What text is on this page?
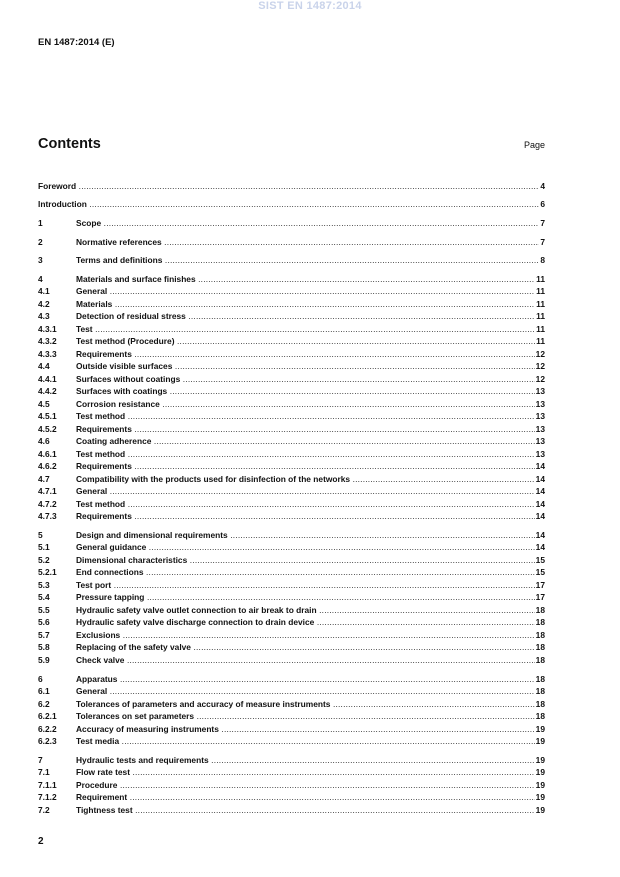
SIST EN 1487:2014
EN 1487:2014 (E)
Contents	Page
Foreword .....	4
Introduction .....	6
1	Scope .....	7
2	Normative references .....	7
3	Terms and definitions .....	8
4	Materials and surface finishes .....	11
4.1	General .....	11
4.2	Materials .....	11
4.3	Detection of residual stress .....	11
4.3.1 Test .....	11
4.3.2 Test method (Procedure) .....	11
4.3.3 Requirements .....	12
4.4	Outside visible surfaces .....	12
4.4.1 Surfaces without coatings .....	12
4.4.2 Surfaces with coatings .....	13
4.5	Corrosion resistance .....	13
4.5.1 Test method .....	13
4.5.2 Requirements .....	13
4.6	Coating adherence .....	13
4.6.1 Test method .....	13
4.6.2 Requirements .....	14
4.7	Compatibility with the products used for disinfection of the networks .....	14
4.7.1 General .....	14
4.7.2 Test method .....	14
4.7.3 Requirements .....	14
5	Design and dimensional requirements .....	14
5.1	General guidance .....	14
5.2	Dimensional characteristics .....	15
5.2.1 End connections .....	15
5.3	Test port .....	17
5.4	Pressure tapping .....	17
5.5	Hydraulic safety valve outlet connection to air break to drain .....	18
5.6	Hydraulic safety valve discharge connection to drain device .....	18
5.7	Exclusions .....	18
5.8	Replacing of the safety valve .....	18
5.9	Check valve .....	18
6	Apparatus .....	18
6.1	General .....	18
6.2	Tolerances of parameters and accuracy of measure instruments .....	18
6.2.1 Tolerances on set parameters .....	18
6.2.2 Accuracy of measuring instruments .....	19
6.2.3 Test media .....	19
7	Hydraulic tests and requirements .....	19
7.1	Flow rate test .....	19
7.1.1 Procedure .....	19
7.1.2 Requirement .....	19
7.2	Tightness test .....	19
2
